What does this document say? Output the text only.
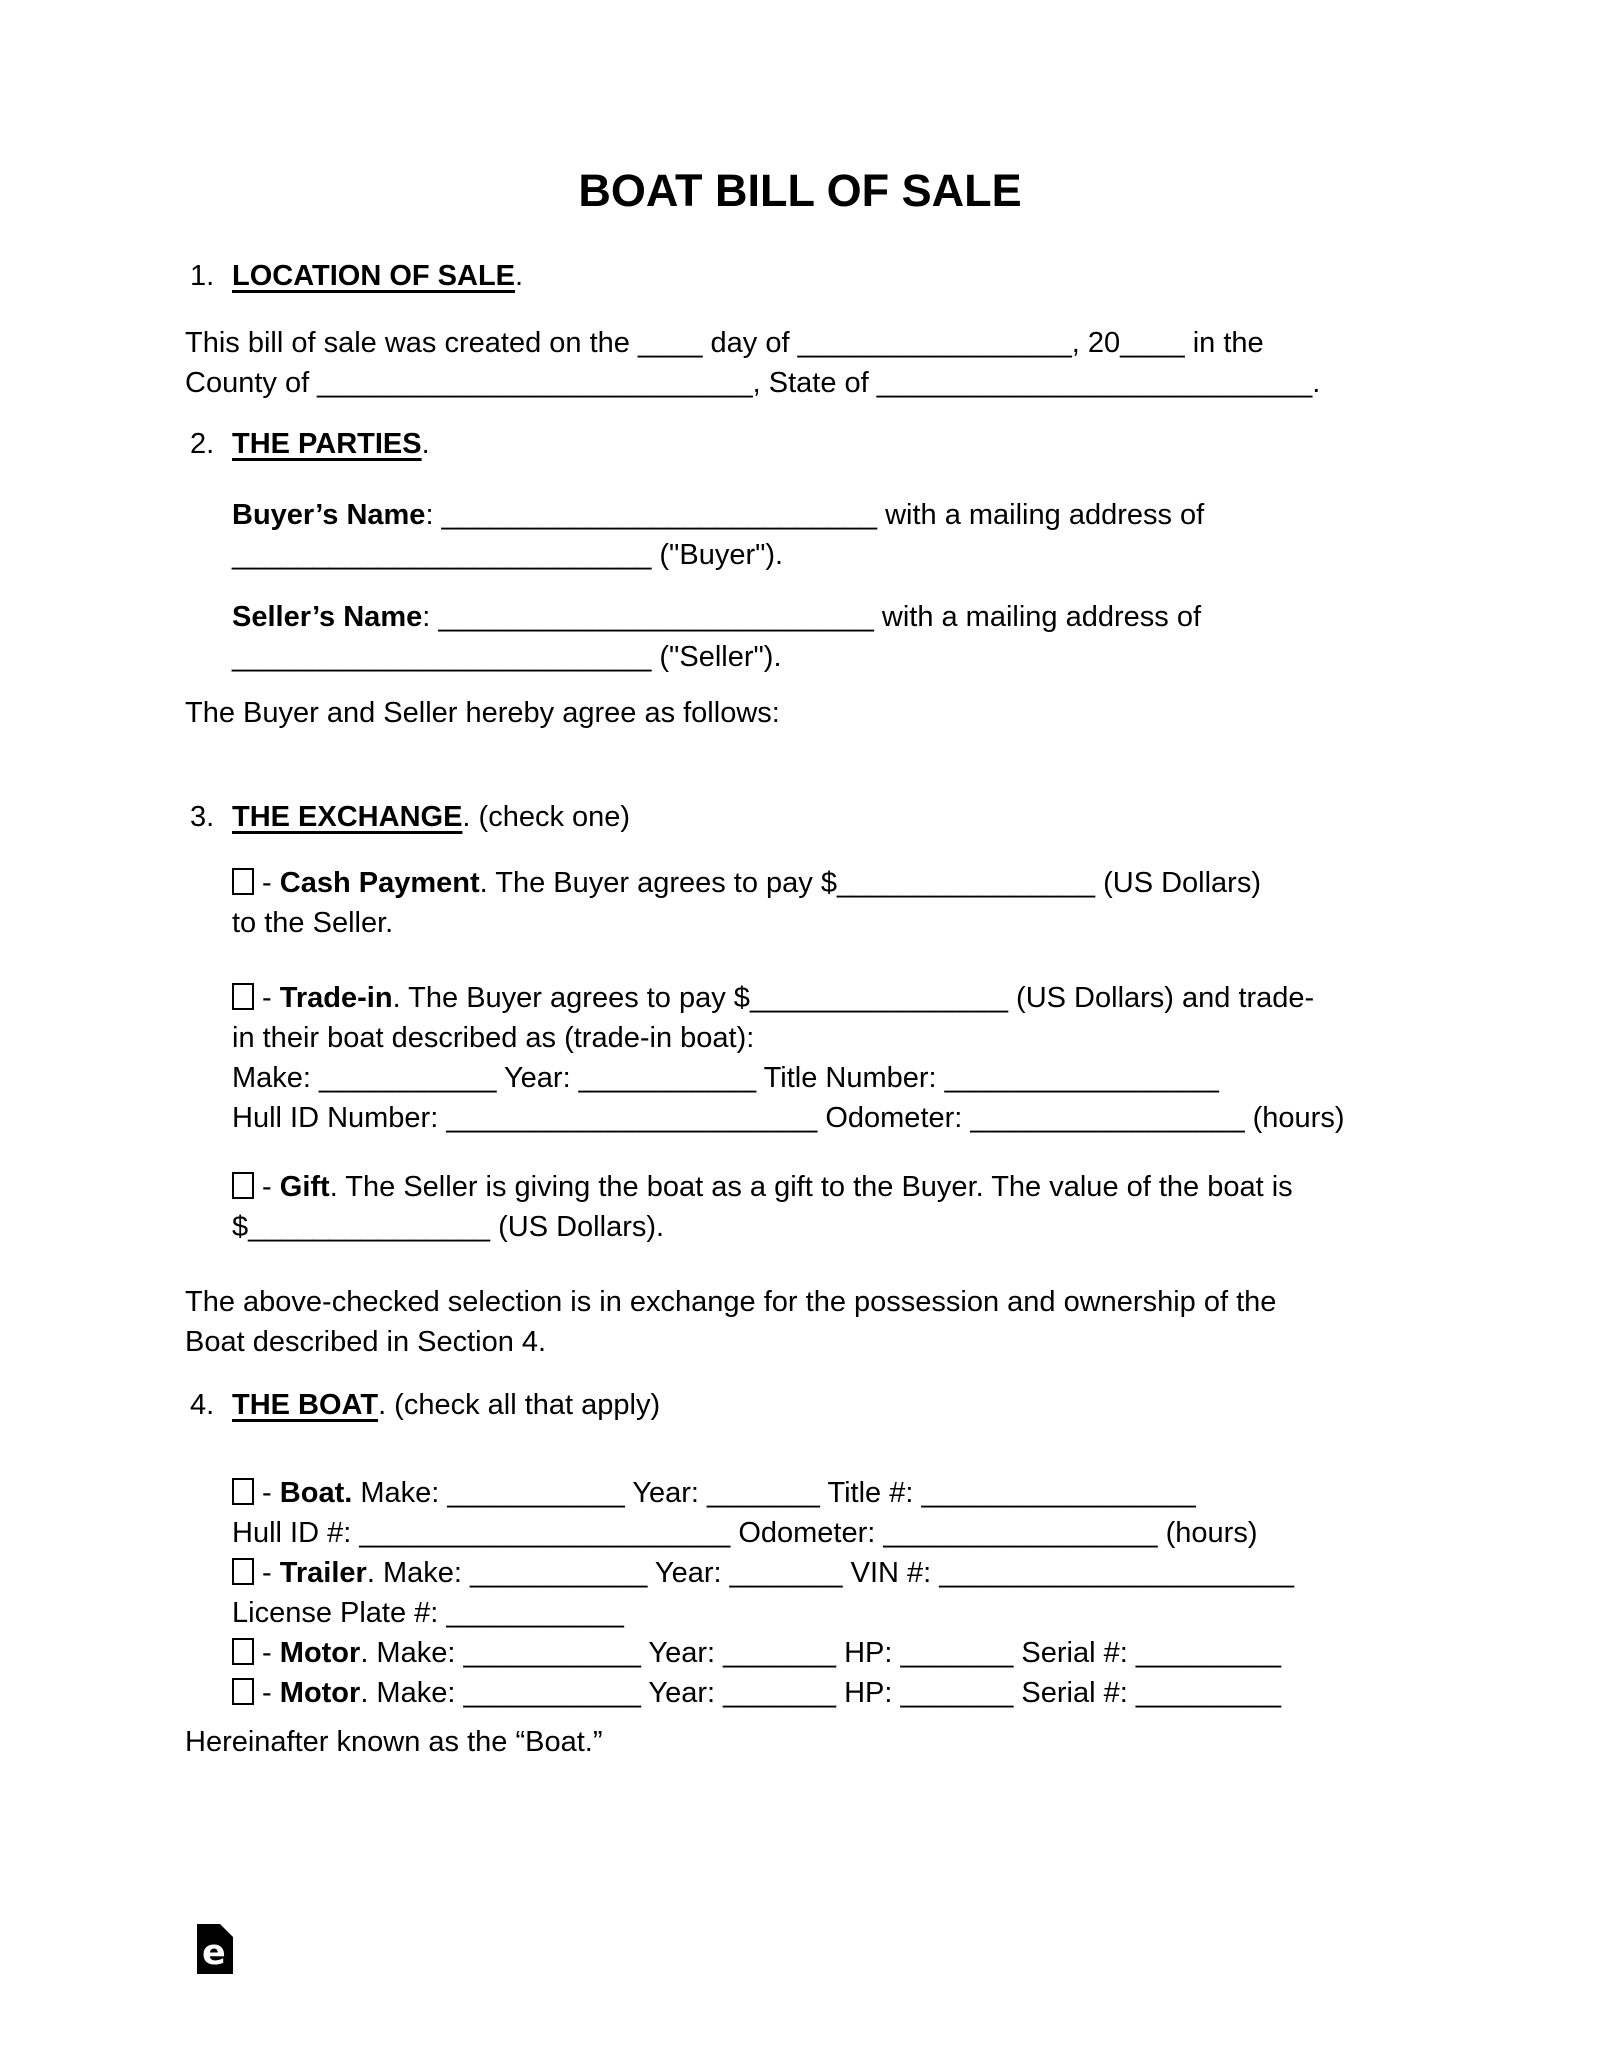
BOAT BILL OF SALE
1. LOCATION OF SALE.
This bill of sale was created on the ____ day of _________________, 20____ in the
County of ___________________________, State of ___________________________.
2. THE PARTIES.
Buyer’s Name: ___________________________ with a mailing address of
__________________________ ("Buyer").
Seller’s Name: ___________________________ with a mailing address of
__________________________ ("Seller").
The Buyer and Seller hereby agree as follows:
3. THE EXCHANGE. (check one)
- Cash Payment. The Buyer agrees to pay $________________ (US Dollars)
to the Seller.
- Trade-in. The Buyer agrees to pay $________________ (US Dollars) and trade-
in their boat described as (trade-in boat):
Make: ___________ Year: ___________ Title Number: _________________
Hull ID Number: _______________________ Odometer: _________________ (hours)
- Gift. The Seller is giving the boat as a gift to the Buyer. The value of the boat is
$_______________ (US Dollars).
The above-checked selection is in exchange for the possession and ownership of the
Boat described in Section 4.
4. THE BOAT. (check all that apply)
- Boat. Make: ___________ Year: _______ Title #: _________________
Hull ID #: _______________________ Odometer: _________________ (hours)
- Trailer. Make: ___________ Year: _______ VIN #: ______________________
License Plate #: ___________
- Motor. Make: ___________ Year: _______ HP: _______ Serial #: _________
- Motor. Make: ___________ Year: _______ HP: _______ Serial #: _________
Hereinafter known as the “Boat.”
e
